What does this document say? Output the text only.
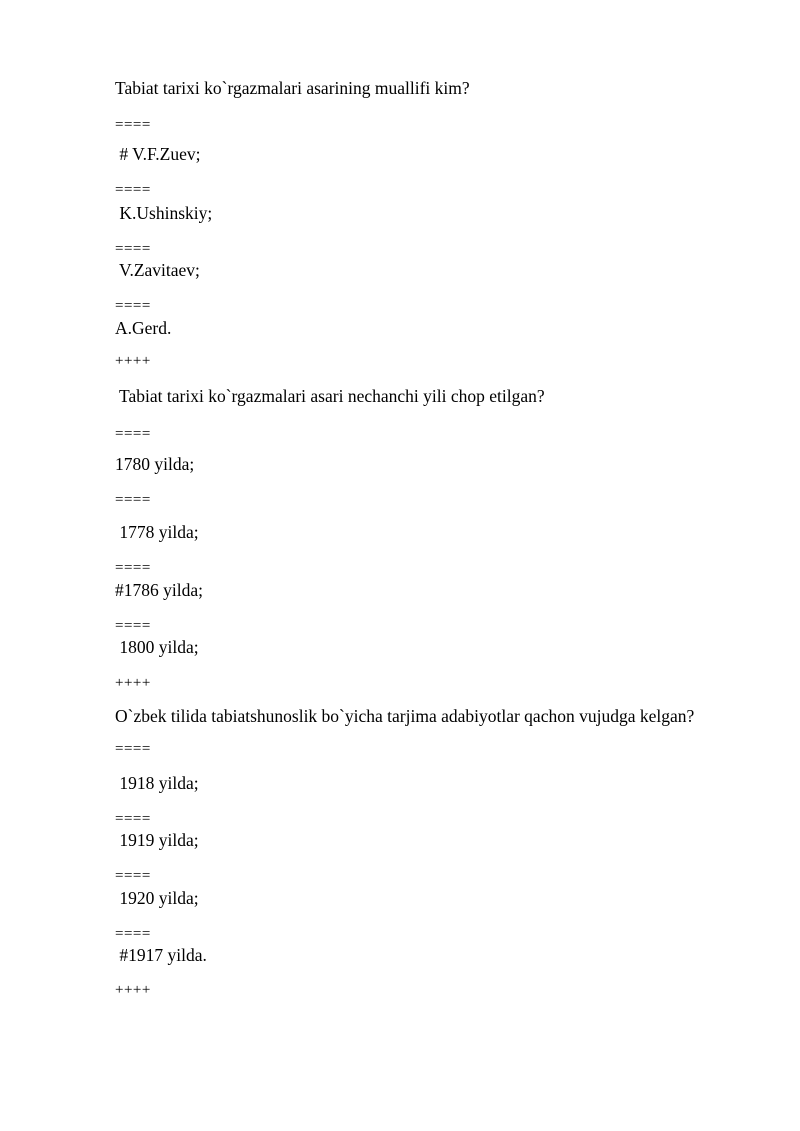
Tabiat tarixi ko`rgazmalari asarining muallifi kim?
====
# V.F.Zuev;
====
K.Ushinskiy;
====
V.Zavitaev;
====
A.Gerd.
++++
Tabiat tarixi ko`rgazmalari asari nechanchi yili chop etilgan?
====
1780 yilda;
====
1778 yilda;
====
#1786 yilda;
====
1800 yilda;
++++
O`zbek tilida tabiatshunoslik bo`yicha tarjima adabiyotlar qachon vujudga kelgan?
====
1918 yilda;
====
1919 yilda;
====
1920 yilda;
====
#1917 yilda.
++++
